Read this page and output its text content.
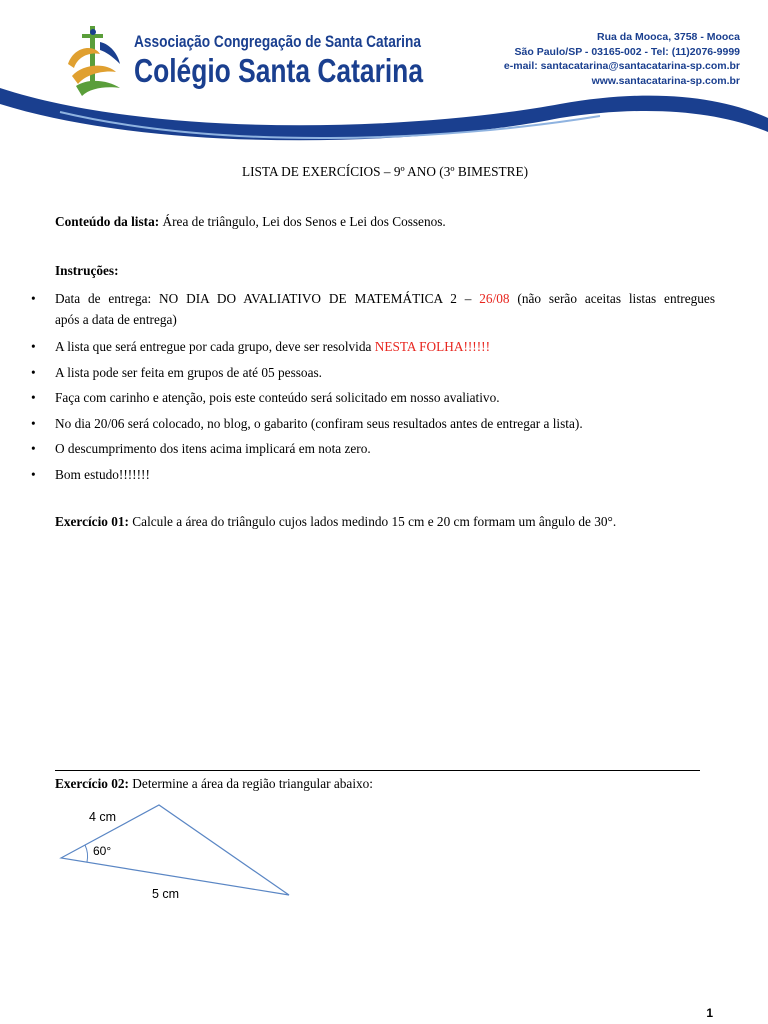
Associação Congregação de Santa Catarina
Colégio Santa Catarina
Rua da Mooca, 3758 - Mooca
São Paulo/SP - 03165-002 - Tel: (11)2076-9999
e-mail: santacatarina@santacatarina-sp.com.br
www.santacatarina-sp.com.br
LISTA DE EXERCÍCIOS – 9º ANO (3º BIMESTRE)
Conteúdo da lista: Área de triângulo, Lei dos Senos e Lei dos Cossenos.
Instruções:
• Data de entrega: NO DIA DO AVALIATIVO DE MATEMÁTICA 2 – 26/08 (não serão aceitas listas entregues
após a data de entrega)
• A lista que será entregue por cada grupo, deve ser resolvida NESTA FOLHA!!!!!!
• A lista pode ser feita em grupos de até 05 pessoas.
• Faça com carinho e atenção, pois este conteúdo será solicitado em nosso avaliativo.
• No dia 20/06 será colocado, no blog, o gabarito (confiram seus resultados antes de entregar a lista).
• O descumprimento dos itens acima implicará em nota zero.
• Bom estudo!!!!!!!
Exercício 01: Calcule a área do triângulo cujos lados medindo 15 cm e 20 cm formam um ângulo de 30°.
Exercício 02: Determine a área da região triangular abaixo:
4 cm
60°
5 cm
1
